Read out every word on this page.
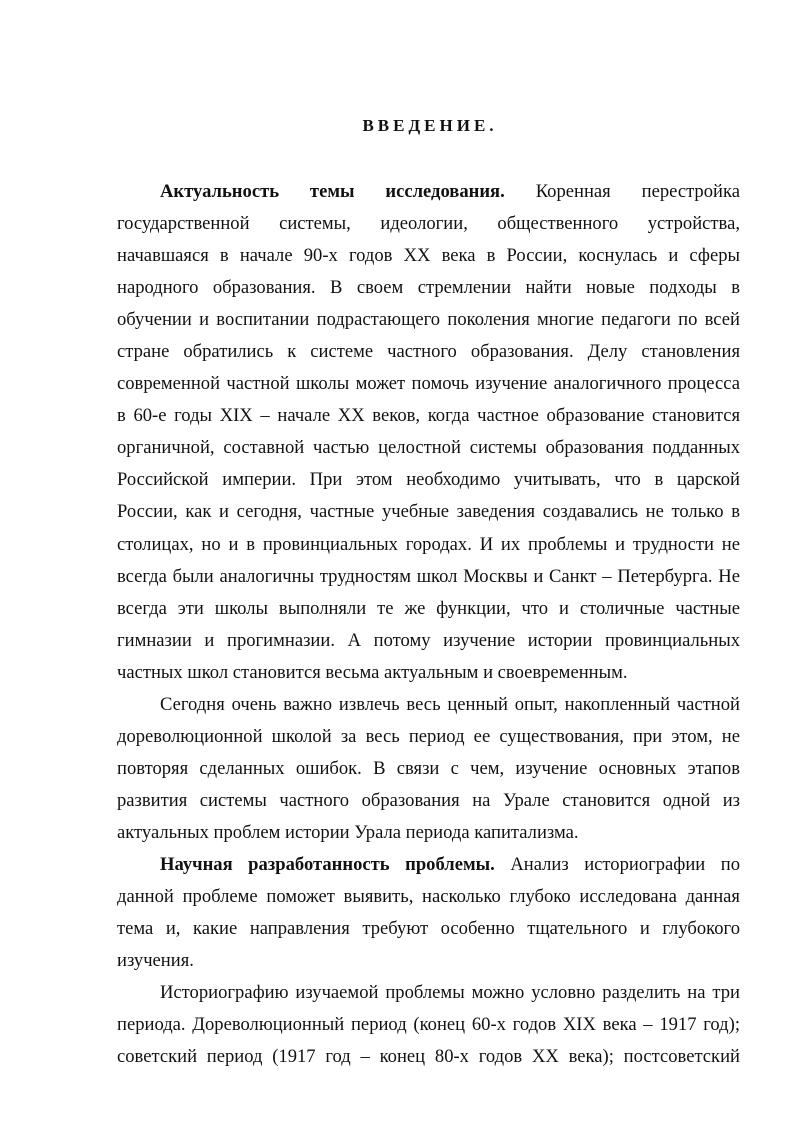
ВВЕДЕНИЕ.
Актуальность темы исследования. Коренная перестройка
государственной системы, идеологии, общественного устройства,
начавшаяся в начале 90-х годов XX века в России, коснулась и сферы
народного образования. В своем стремлении найти новые подходы в
обучении и воспитании подрастающего поколения многие педагоги по всей
стране обратились к системе частного образования. Делу становления
современной частной школы может помочь изучение аналогичного процесса
в 60-е годы XIX – начале XX веков, когда частное образование становится
органичной, составной частью целостной системы образования подданных
Российской империи. При этом необходимо учитывать, что в царской
России, как и сегодня, частные учебные заведения создавались не только в
столицах, но и в провинциальных городах. И их проблемы и трудности не
всегда были аналогичны трудностям школ Москвы и Санкт – Петербурга. Не
всегда эти школы выполняли те же функции, что и столичные частные
гимназии и прогимназии. А потому изучение истории провинциальных
частных школ становится весьма актуальным и своевременным.
Сегодня очень важно извлечь весь ценный опыт, накопленный частной
дореволюционной школой за весь период ее существования, при этом, не
повторяя сделанных ошибок. В связи с чем, изучение основных этапов
развития системы частного образования на Урале становится одной из
актуальных проблем истории Урала периода капитализма.
Научная разработанность проблемы. Анализ историографии по
данной проблеме поможет выявить, насколько глубоко исследована данная
тема и, какие направления требуют особенно тщательного и глубокого
изучения.
Историографию изучаемой проблемы можно условно разделить на три
периода. Дореволюционный период (конец 60-х годов XIX века – 1917 год);
советский период (1917 год – конец 80-х годов XX века); постсоветский
